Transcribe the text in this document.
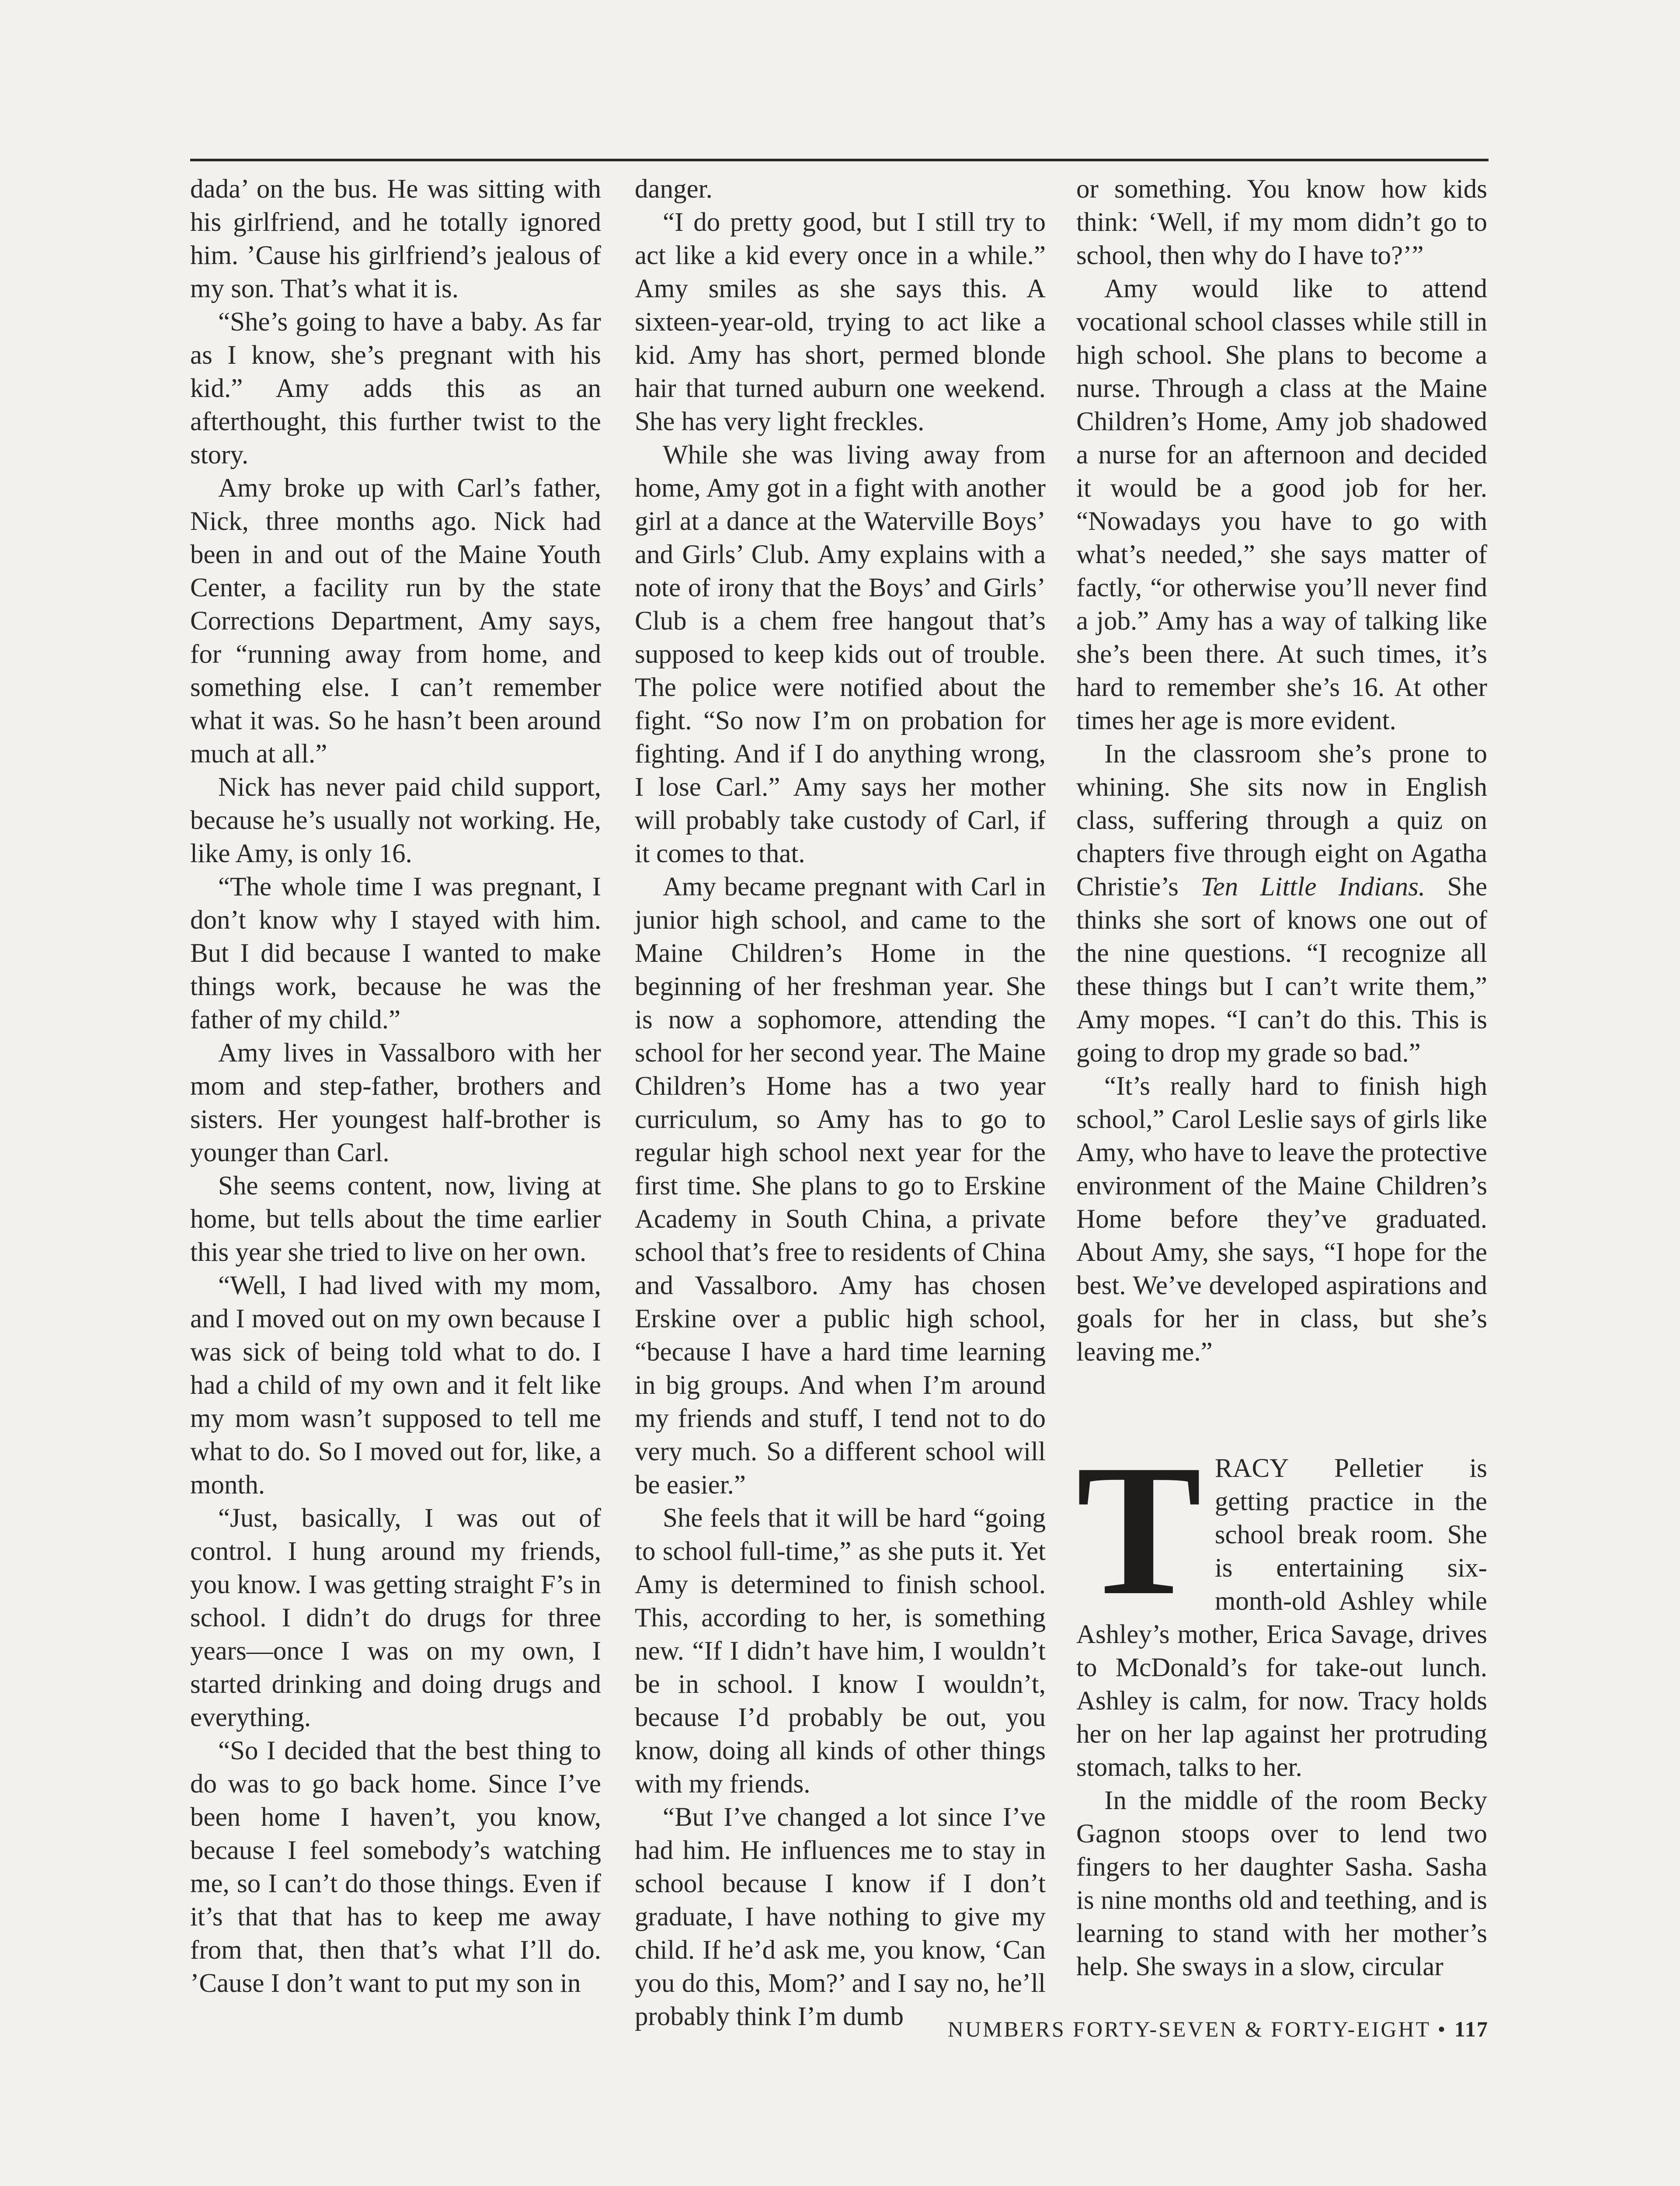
dada’ on the bus. He was sitting with his girlfriend, and he totally ignored him. ’Cause his girlfriend’s jealous of my son. That’s what it is.

“She’s going to have a baby. As far as I know, she’s pregnant with his kid.” Amy adds this as an afterthought, this further twist to the story.

Amy broke up with Carl’s father, Nick, three months ago. Nick had been in and out of the Maine Youth Center, a facility run by the state Corrections Department, Amy says, for “running away from home, and something else. I can’t remember what it was. So he hasn’t been around much at all.”

Nick has never paid child support, because he’s usually not working. He, like Amy, is only 16.

“The whole time I was pregnant, I don’t know why I stayed with him. But I did because I wanted to make things work, because he was the father of my child.”

Amy lives in Vassalboro with her mom and step-father, brothers and sisters. Her youngest half-brother is younger than Carl.

She seems content, now, living at home, but tells about the time earlier this year she tried to live on her own.

“Well, I had lived with my mom, and I moved out on my own because I was sick of being told what to do. I had a child of my own and it felt like my mom wasn’t supposed to tell me what to do. So I moved out for, like, a month.

“Just, basically, I was out of control. I hung around my friends, you know. I was getting straight F’s in school. I didn’t do drugs for three years—once I was on my own, I started drinking and doing drugs and everything.

“So I decided that the best thing to do was to go back home. Since I’ve been home I haven’t, you know, because I feel somebody’s watching me, so I can’t do those things. Even if it’s that that has to keep me away from that, then that’s what I’ll do. ’Cause I don’t want to put my son in

danger.

“I do pretty good, but I still try to act like a kid every once in a while.” Amy smiles as she says this. A sixteen-year-old, trying to act like a kid. Amy has short, permed blonde hair that turned auburn one weekend. She has very light freckles.

While she was living away from home, Amy got in a fight with another girl at a dance at the Waterville Boys’ and Girls’ Club. Amy explains with a note of irony that the Boys’ and Girls’ Club is a chem free hangout that’s supposed to keep kids out of trouble. The police were notified about the fight. “So now I’m on probation for fighting. And if I do anything wrong, I lose Carl.” Amy says her mother will probably take custody of Carl, if it comes to that.

Amy became pregnant with Carl in junior high school, and came to the Maine Children’s Home in the beginning of her freshman year. She is now a sophomore, attending the school for her second year. The Maine Children’s Home has a two year curriculum, so Amy has to go to regular high school next year for the first time. She plans to go to Erskine Academy in South China, a private school that’s free to residents of China and Vassalboro. Amy has chosen Erskine over a public high school, “because I have a hard time learning in big groups. And when I’m around my friends and stuff, I tend not to do very much. So a different school will be easier.”

She feels that it will be hard “going to school full-time,” as she puts it. Yet Amy is determined to finish school. This, according to her, is something new. “If I didn’t have him, I wouldn’t be in school. I know I wouldn’t, because I’d probably be out, you know, doing all kinds of other things with my friends.

“But I’ve changed a lot since I’ve had him. He influences me to stay in school because I know if I don’t graduate, I have nothing to give my child. If he’d ask me, you know, ‘Can you do this, Mom?’ and I say no, he’ll probably think I’m dumb

or something. You know how kids think: ‘Well, if my mom didn’t go to school, then why do I have to?’”

Amy would like to attend vocational school classes while still in high school. She plans to become a nurse. Through a class at the Maine Children’s Home, Amy job shadowed a nurse for an afternoon and decided it would be a good job for her. “Nowadays you have to go with what’s needed,” she says matter of factly, “or otherwise you’ll never find a job.” Amy has a way of talking like she’s been there. At such times, it’s hard to remember she’s 16. At other times her age is more evident.

In the classroom she’s prone to whining. She sits now in English class, suffering through a quiz on chapters five through eight on Agatha Christie’s Ten Little Indians. She thinks she sort of knows one out of the nine questions. “I recognize all these things but I can’t write them,” Amy mopes. “I can’t do this. This is going to drop my grade so bad.”

“It’s really hard to finish high school,” Carol Leslie says of girls like Amy, who have to leave the protective environment of the Maine Children’s Home before they’ve graduated. About Amy, she says, “I hope for the best. We’ve developed aspirations and goals for her in class, but she’s leaving me.”

TRACY Pelletier is getting practice in the school break room. She is entertaining six-month-old Ashley while Ashley’s mother, Erica Savage, drives to McDonald’s for take-out lunch. Ashley is calm, for now. Tracy holds her on her lap against her protruding stomach, talks to her.

In the middle of the room Becky Gagnon stoops over to lend two fingers to her daughter Sasha. Sasha is nine months old and teething, and is learning to stand with her mother’s help. She sways in a slow, circular

NUMBERS FORTY-SEVEN & FORTY-EIGHT • 117
